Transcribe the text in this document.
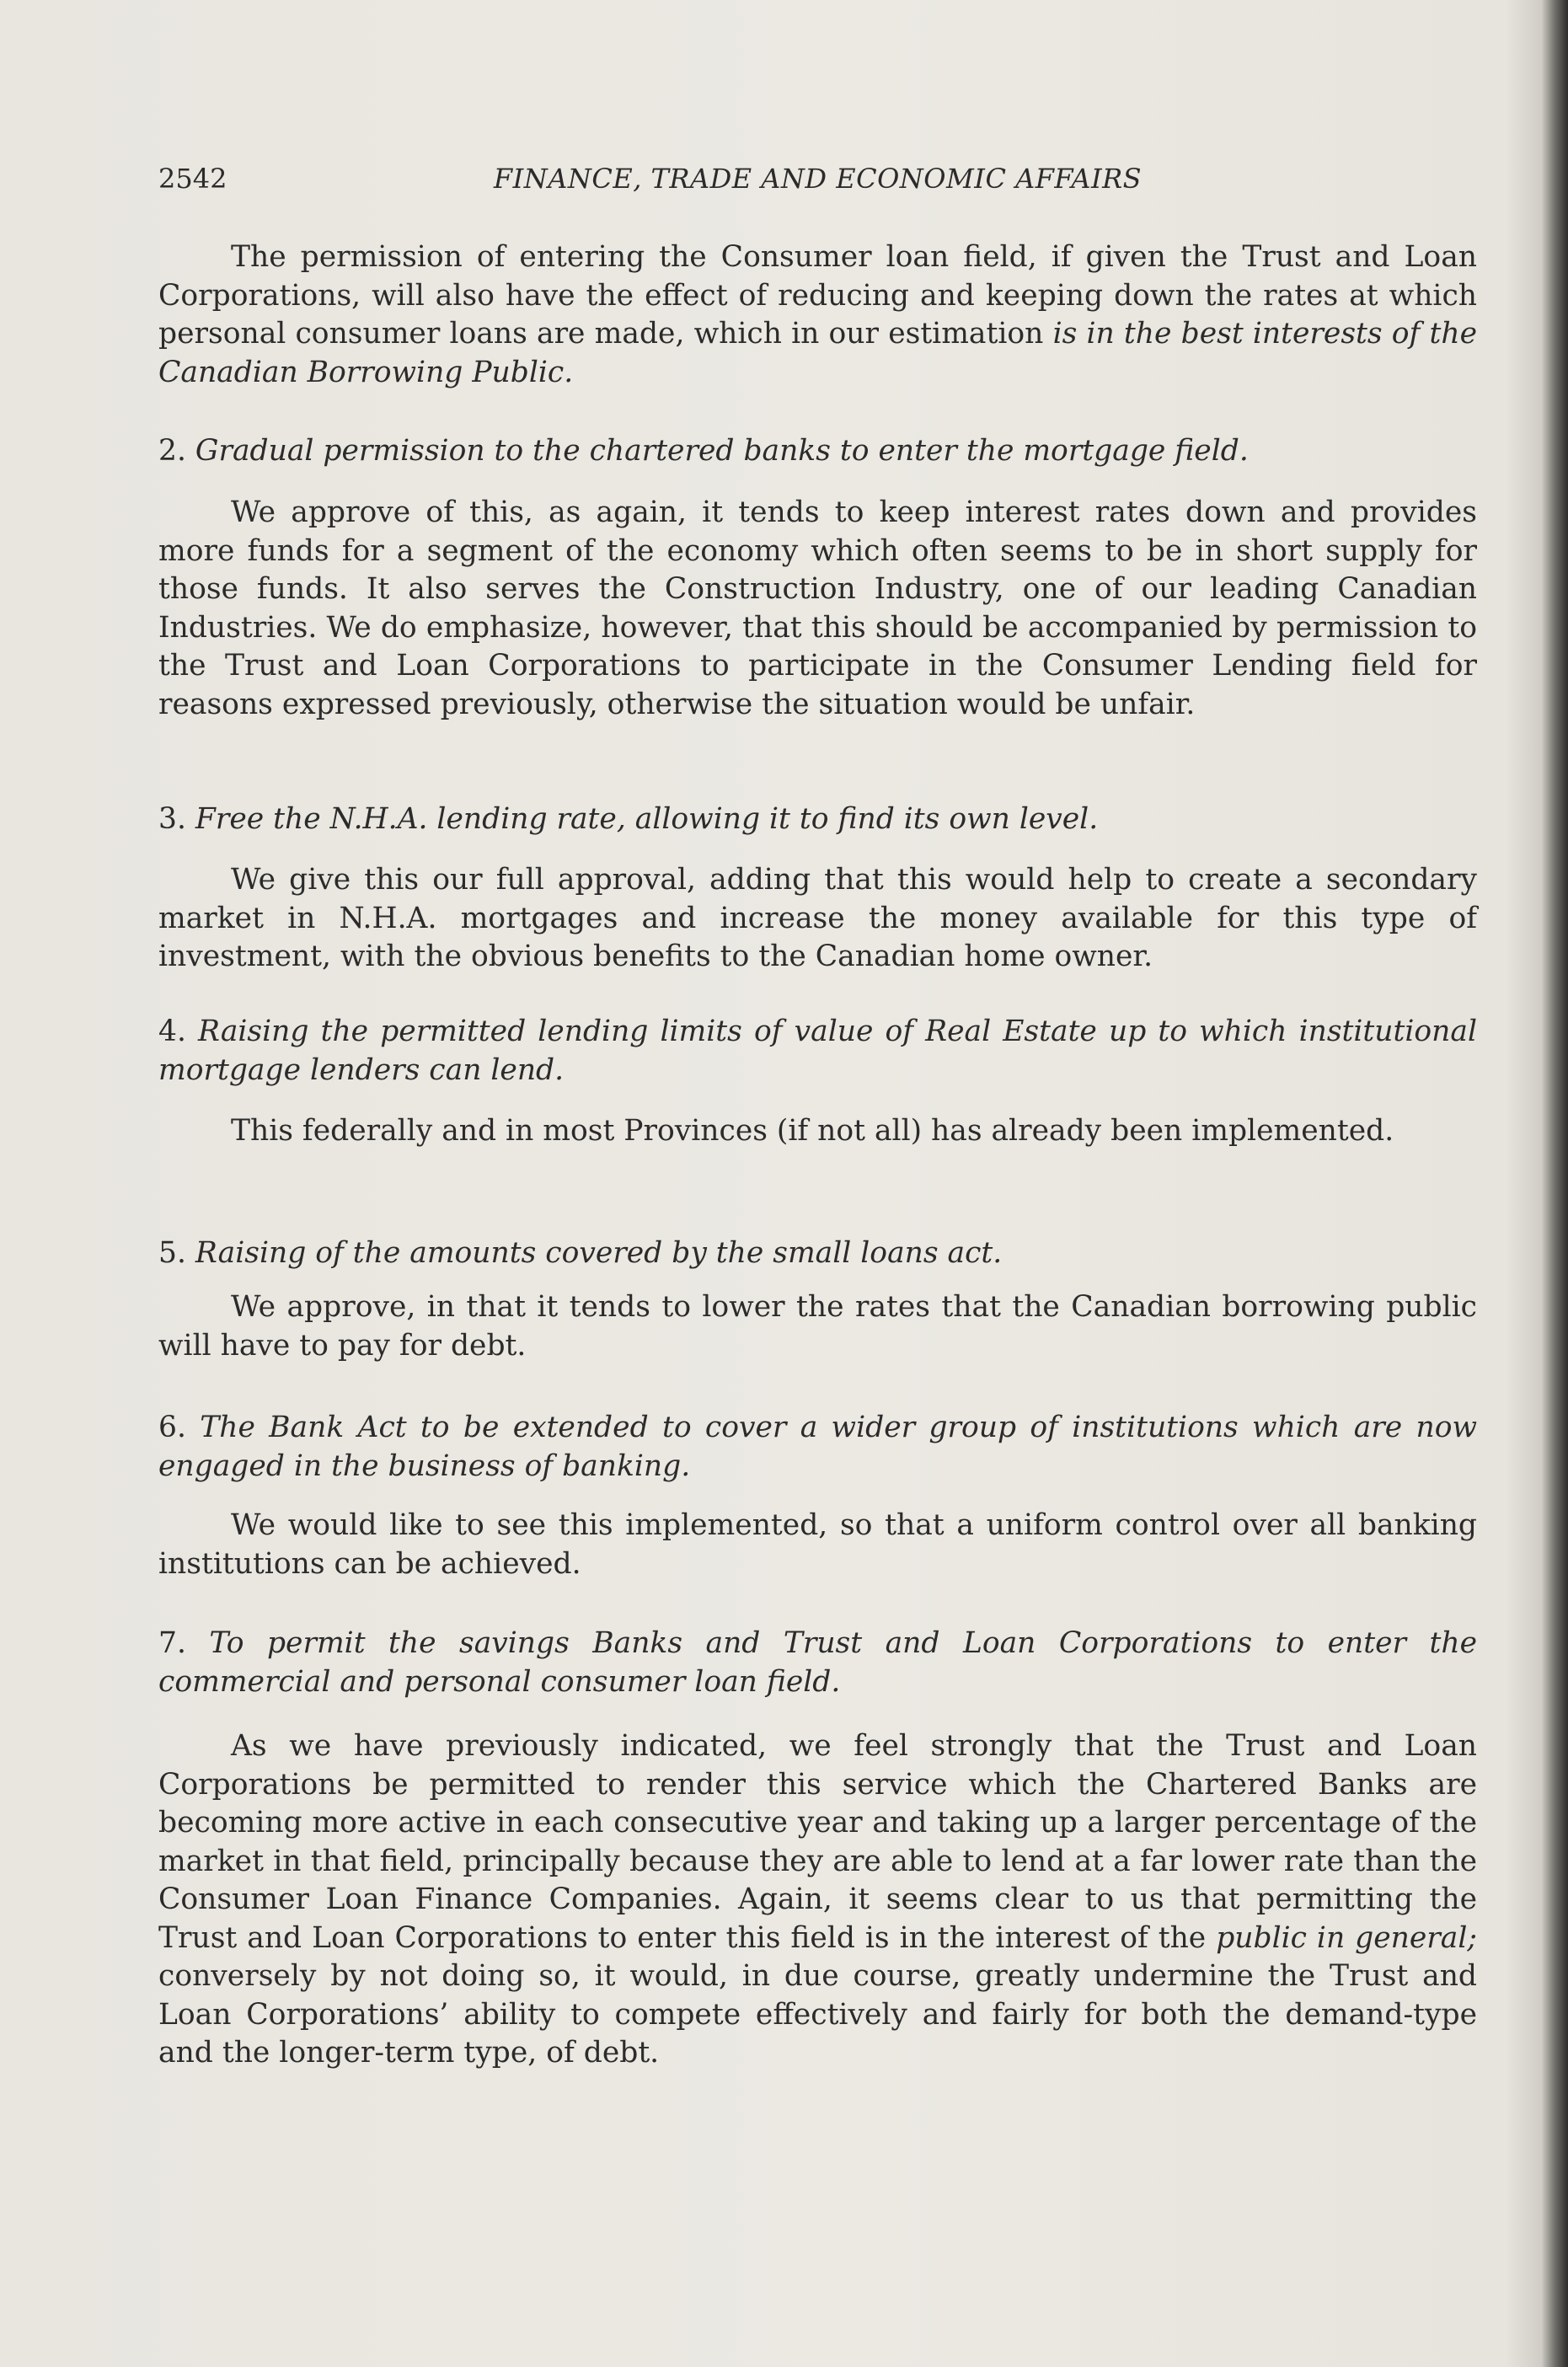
2542	FINANCE, TRADE AND ECONOMIC AFFAIRS

The permission of entering the Consumer loan field, if given the Trust and Loan Corporations, will also have the effect of reducing and keeping down the rates at which personal consumer loans are made, which in our estimation is in the best interests of the Canadian Borrowing Public.

2. Gradual permission to the chartered banks to enter the mortgage field.

We approve of this, as again, it tends to keep interest rates down and provides more funds for a segment of the economy which often seems to be in short supply for those funds. It also serves the Construction Industry, one of our leading Canadian Industries. We do emphasize, however, that this should be accompanied by permission to the Trust and Loan Corporations to participate in the Consumer Lending field for reasons expressed previously, otherwise the situation would be unfair.

3. Free the N.H.A. lending rate, allowing it to find its own level.

We give this our full approval, adding that this would help to create a secondary market in N.H.A. mortgages and increase the money available for this type of investment, with the obvious benefits to the Canadian home owner.

4. Raising the permitted lending limits of value of Real Estate up to which institutional mortgage lenders can lend.

This federally and in most Provinces (if not all) has already been implemented.

5. Raising of the amounts covered by the small loans act.

We approve, in that it tends to lower the rates that the Canadian borrowing public will have to pay for debt.

6. The Bank Act to be extended to cover a wider group of institutions which are now engaged in the business of banking.

We would like to see this implemented, so that a uniform control over all banking institutions can be achieved.

7. To permit the savings Banks and Trust and Loan Corporations to enter the commercial and personal consumer loan field.

As we have previously indicated, we feel strongly that the Trust and Loan Corporations be permitted to render this service which the Chartered Banks are becoming more active in each consecutive year and taking up a larger percentage of the market in that field, principally because they are able to lend at a far lower rate than the Consumer Loan Finance Companies. Again, it seems clear to us that permitting the Trust and Loan Corporations to enter this field is in the interest of the public in general; conversely by not doing so, it would, in due course, greatly undermine the Trust and Loan Corporations’ ability to compete effectively and fairly for both the demand-type and the longer-term type, of debt.
